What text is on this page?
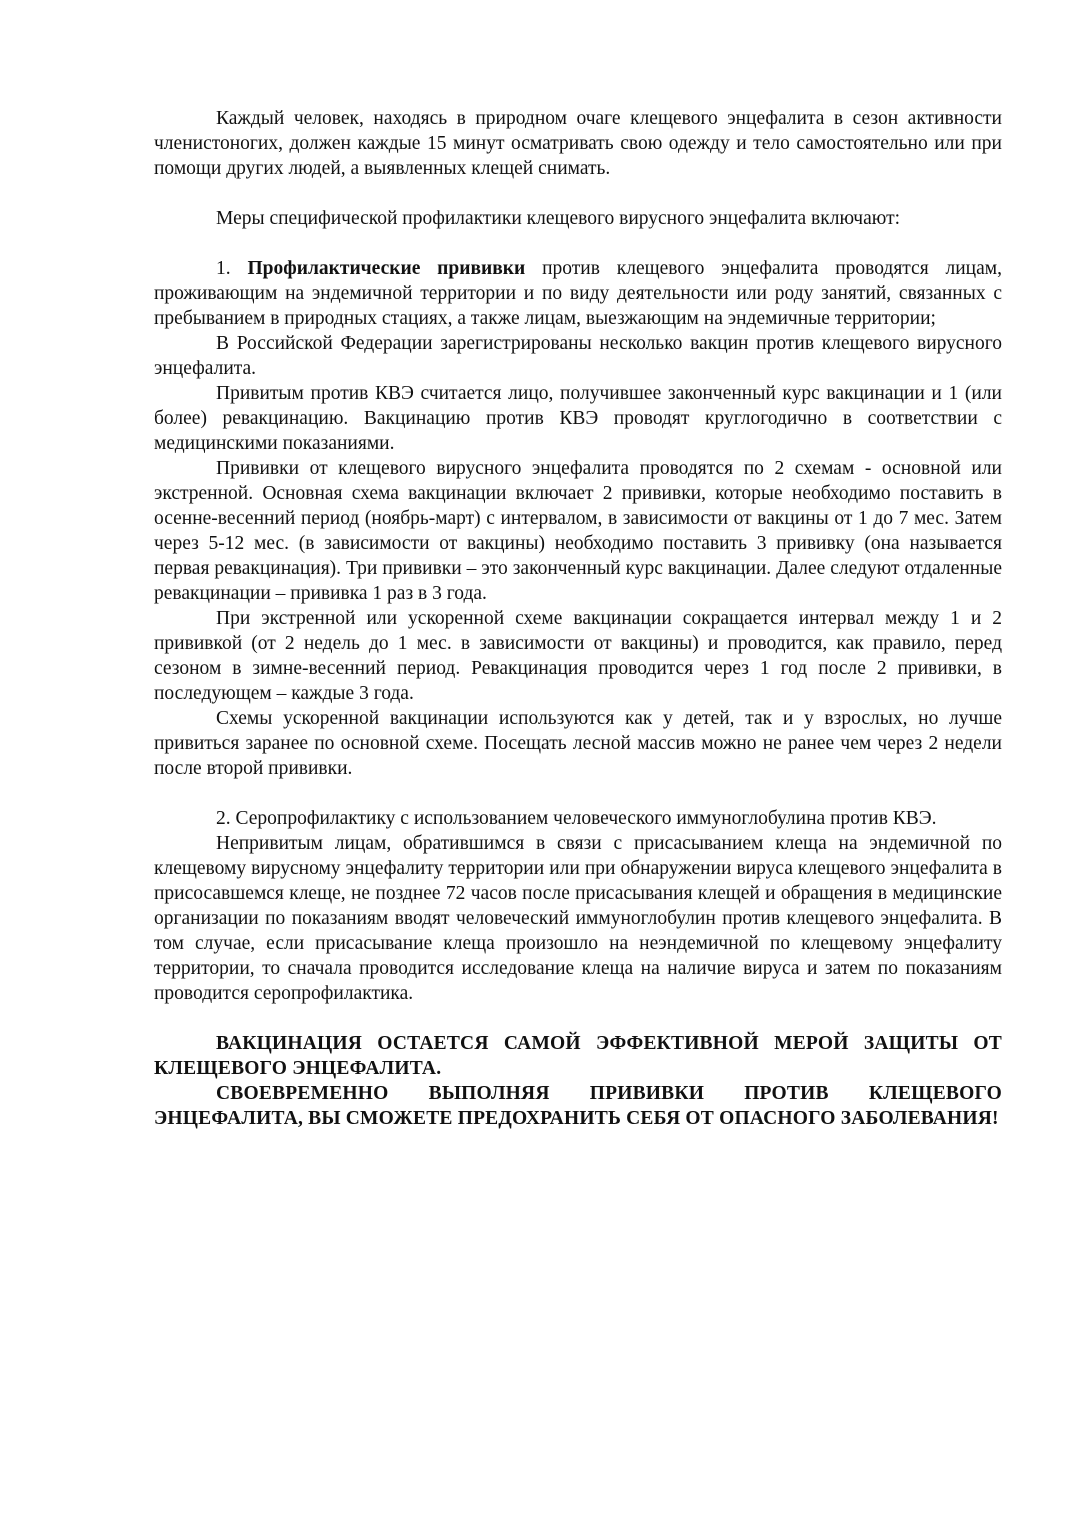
Каждый человек, находясь в природном очаге клещевого энцефалита в сезон активности членистоногих, должен каждые 15 минут осматривать свою одежду и тело самостоятельно или при помощи других людей, а выявленных клещей снимать.

Меры специфической профилактики клещевого вирусного энцефалита включают:

1. Профилактические прививки против клещевого энцефалита проводятся лицам, проживающим на эндемичной территории и по виду деятельности или роду занятий, связанных с пребыванием в природных стациях, а также лицам, выезжающим на эндемичные территории;

В Российской Федерации зарегистрированы несколько вакцин против клещевого вирусного энцефалита.

Привитым против КВЭ считается лицо, получившее законченный курс вакцинации и 1 (или более) ревакцинацию. Вакцинацию против КВЭ проводят круглогодично в соответствии с медицинскими показаниями.

Прививки от клещевого вирусного энцефалита проводятся по 2 схемам - основной или экстренной. Основная схема вакцинации включает 2 прививки, которые необходимо поставить в осенне-весенний период (ноябрь-март) с интервалом, в зависимости от вакцины от 1 до 7 мес. Затем через 5-12 мес. (в зависимости от вакцины) необходимо поставить 3 прививку (она называется первая ревакцинация). Три прививки – это законченный курс вакцинации. Далее следуют отдаленные ревакцинации – прививка 1 раз в 3 года.

При экстренной или ускоренной схеме вакцинации сокращается интервал между 1 и 2 прививкой (от 2 недель до 1 мес. в зависимости от вакцины) и проводится, как правило, перед сезоном в зимне-весенний период. Ревакцинация проводится через 1 год после 2 прививки, в последующем – каждые 3 года.

Схемы ускоренной вакцинации используются как у детей, так и у взрослых, но лучше привиться заранее по основной схеме. Посещать лесной массив можно не ранее чем через 2 недели после второй прививки.

2. Серопрофилактику с использованием человеческого иммуноглобулина против КВЭ.

Непривитым лицам, обратившимся в связи с присасыванием клеща на эндемичной по клещевому вирусному энцефалиту территории или при обнаружении вируса клещевого энцефалита в присосавшемся клеще, не позднее 72 часов после присасывания клещей и обращения в медицинские организации по показаниям вводят человеческий иммуноглобулин против клещевого энцефалита. В том случае, если присасывание клеща произошло на неэндемичной по клещевому энцефалиту территории, то сначала проводится исследование клеща на наличие вируса и затем по показаниям проводится серопрофилактика.

ВАКЦИНАЦИЯ ОСТАЕТСЯ САМОЙ ЭФФЕКТИВНОЙ МЕРОЙ ЗАЩИТЫ ОТ КЛЕЩЕВОГО ЭНЦЕФАЛИТА.

СВОЕВРЕМЕННО ВЫПОЛНЯЯ ПРИВИВКИ ПРОТИВ КЛЕЩЕВОГО ЭНЦЕФАЛИТА, ВЫ СМОЖЕТЕ ПРЕДОХРАНИТЬ СЕБЯ ОТ ОПАСНОГО ЗАБОЛЕВАНИЯ!
